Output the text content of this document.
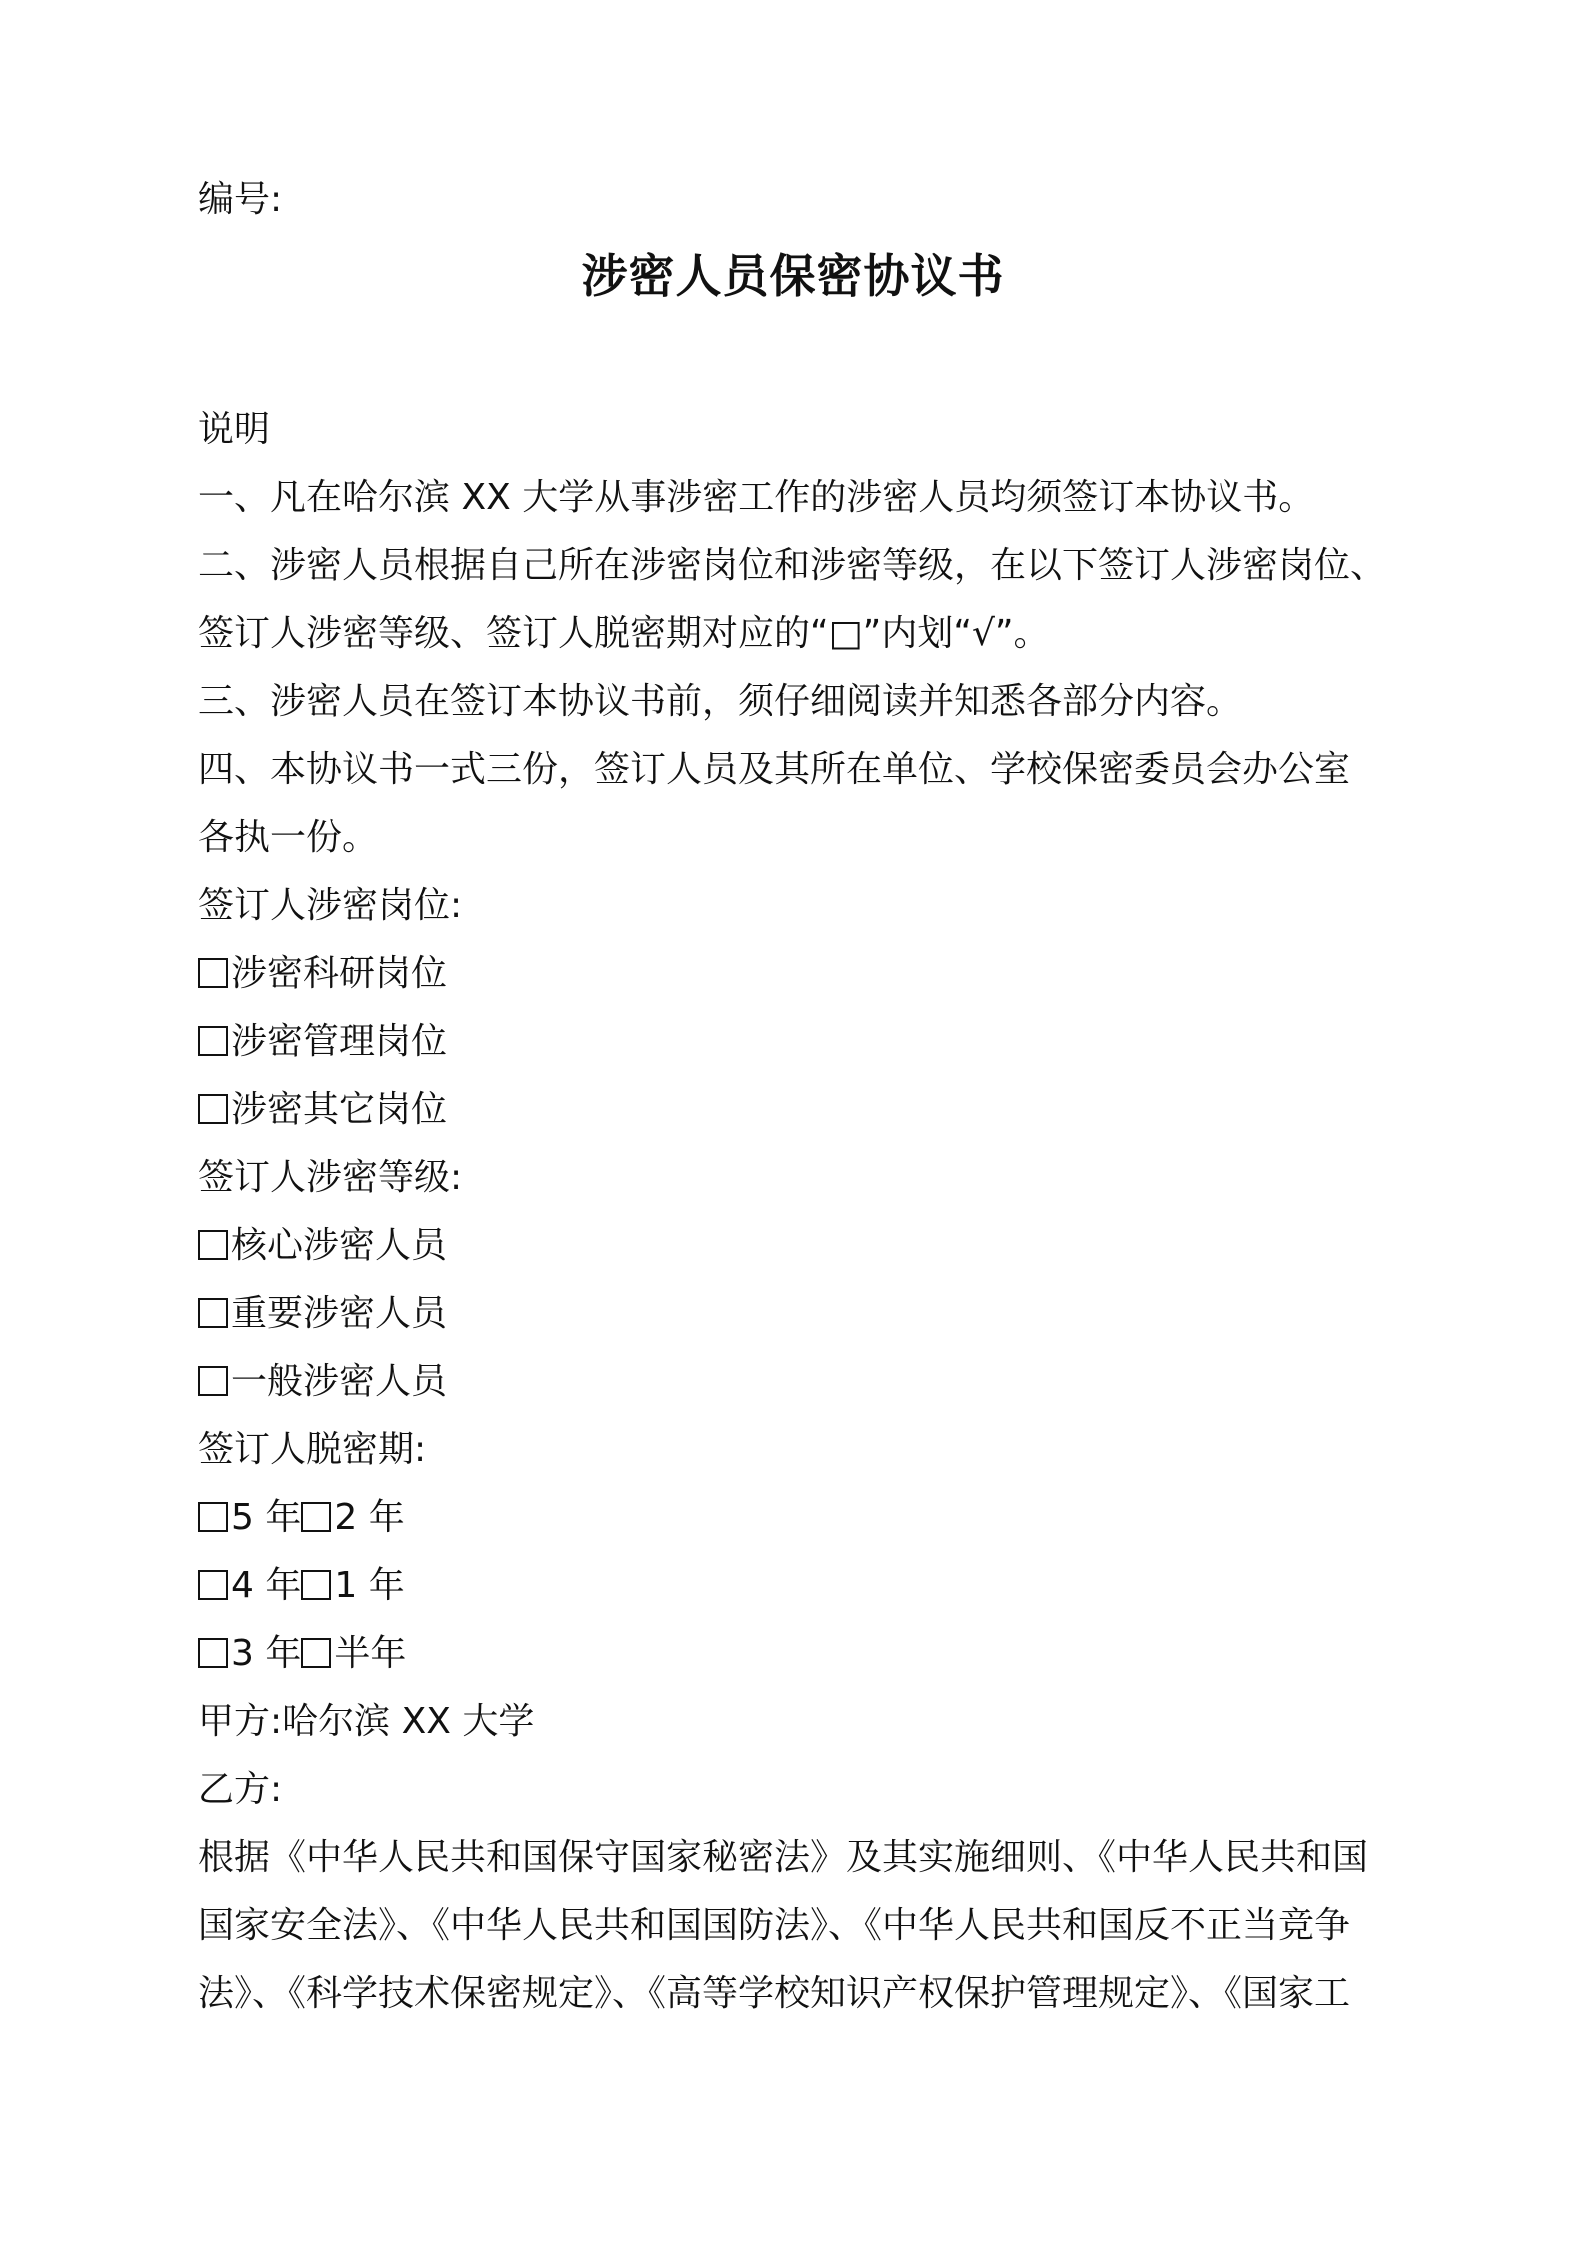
编号:
涉密人员保密协议书
说明
一、凡在哈尔滨 XX 大学从事涉密工作的涉密人员均须签订本协议书。
二、涉密人员根据自己所在涉密岗位和涉密等级，在以下签订人涉密岗位、
签订人涉密等级、签订人脱密期对应的“□”内划“√”。
三、涉密人员在签订本协议书前，须仔细阅读并知悉各部分内容。
四、本协议书一式三份，签订人员及其所在单位、学校保密委员会办公室
各执一份。
签订人涉密岗位:
涉密科研岗位
涉密管理岗位
涉密其它岗位
签订人涉密等级:
核心涉密人员
重要涉密人员
一般涉密人员
签订人脱密期:
5 年 2 年
4 年 1 年
3 年 半年
甲方:哈尔滨 XX 大学
乙方:
根据《中华人民共和国保守国家秘密法》及其实施细则、《中华人民共和国
国家安全法》、《中华人民共和国国防法》、《中华人民共和国反不正当竞争
法》、《科学技术保密规定》、《高等学校知识产权保护管理规定》、《国家工
